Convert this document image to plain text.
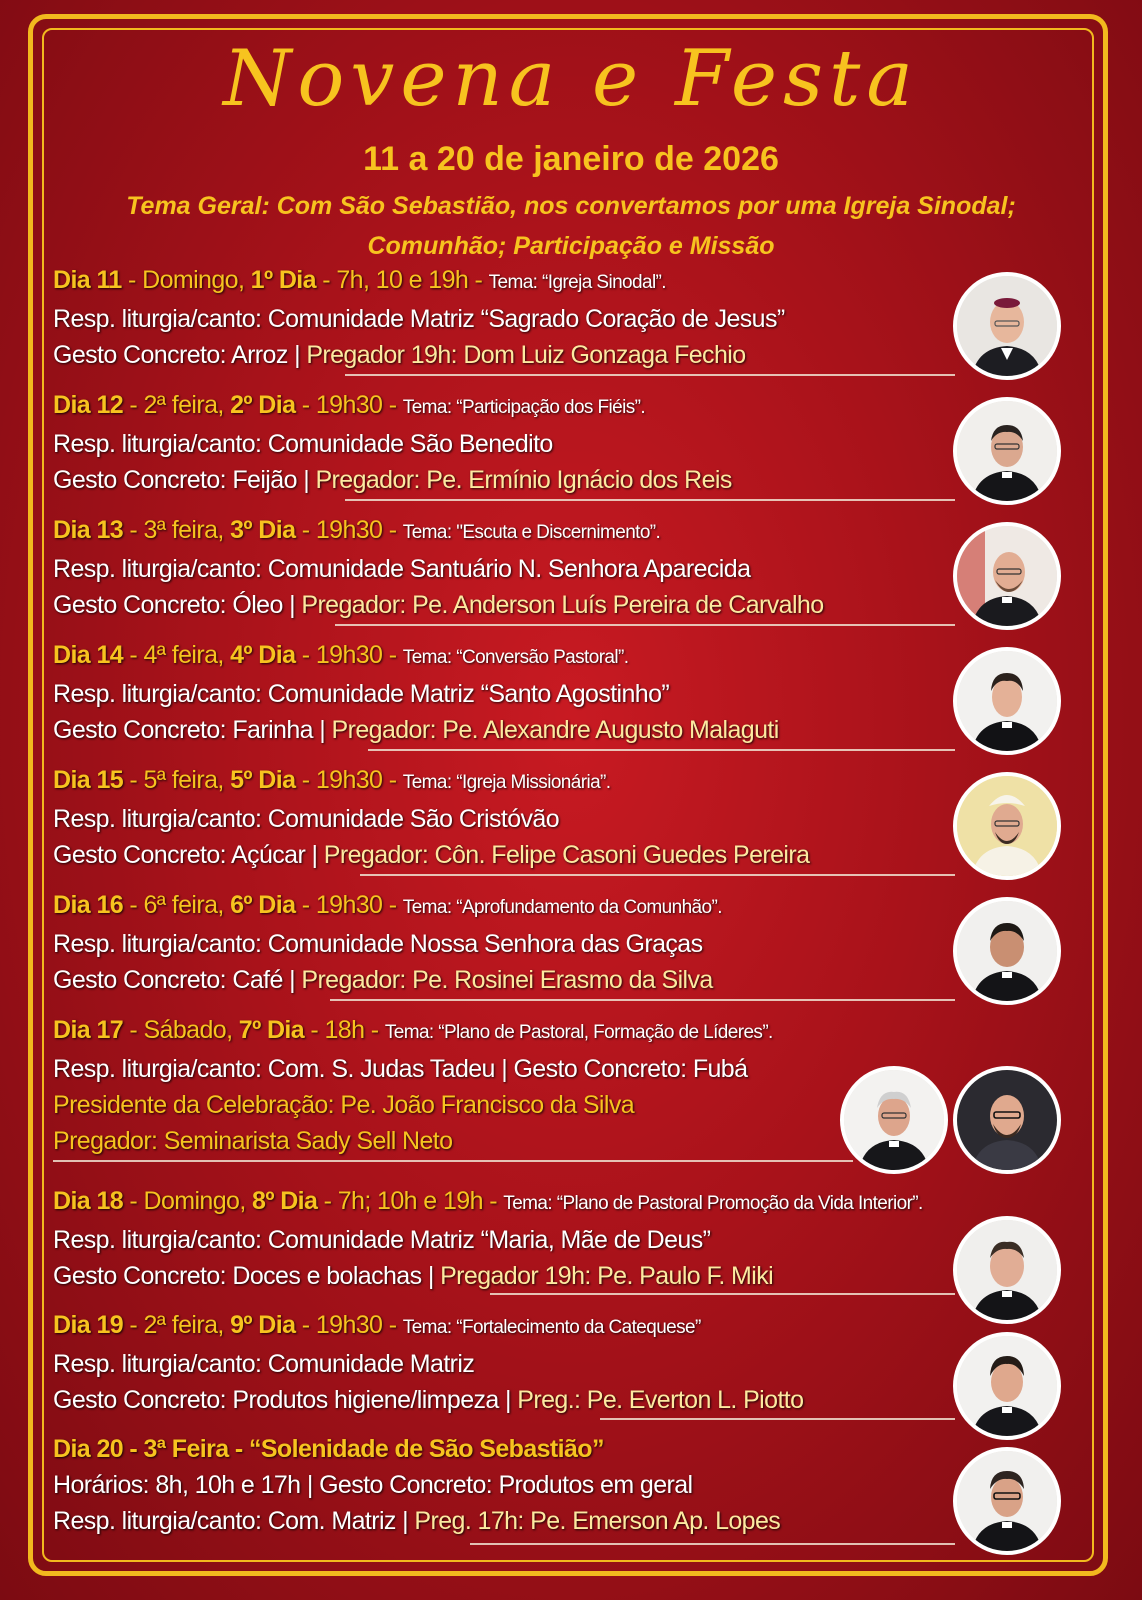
Novena e Festa
11 a 20 de janeiro de 2026
Tema Geral: Com São Sebastião, nos convertamos por uma Igreja Sinodal;
Comunhão; Participação e Missão
Dia 11 - Domingo, 1º Dia - 7h, 10 e 19h - Tema: “Igreja Sinodal”.
Resp. liturgia/canto: Comunidade Matriz “Sagrado Coração de Jesus”
Gesto Concreto: Arroz | Pregador 19h: Dom Luiz Gonzaga Fechio
Dia 12 - 2ª feira, 2º Dia - 19h30 - Tema: “Participação dos Fiéis”.
Resp. liturgia/canto: Comunidade São Benedito
Gesto Concreto: Feijão | Pregador: Pe. Ermínio Ignácio dos Reis
Dia 13 - 3ª feira, 3º Dia - 19h30 - Tema: "Escuta e Discernimento”.
Resp. liturgia/canto: Comunidade Santuário N. Senhora Aparecida
Gesto Concreto: Óleo | Pregador: Pe. Anderson Luís Pereira de Carvalho
Dia 14 - 4ª feira, 4º Dia - 19h30 - Tema: “Conversão Pastoral”.
Resp. liturgia/canto: Comunidade Matriz “Santo Agostinho”
Gesto Concreto: Farinha | Pregador: Pe. Alexandre Augusto Malaguti
Dia 15 - 5ª feira, 5º Dia - 19h30 - Tema: “Igreja Missionária”.
Resp. liturgia/canto: Comunidade São Cristóvão
Gesto Concreto: Açúcar | Pregador: Côn. Felipe Casoni Guedes Pereira
Dia 16 - 6ª feira, 6º Dia - 19h30 - Tema: “Aprofundamento da Comunhão”.
Resp. liturgia/canto: Comunidade Nossa Senhora das Graças
Gesto Concreto: Café | Pregador: Pe. Rosinei Erasmo da Silva
Dia 17 - Sábado, 7º Dia - 18h - Tema: “Plano de Pastoral, Formação de Líderes”.
Resp. liturgia/canto: Com. S. Judas Tadeu | Gesto Concreto: Fubá
Presidente da Celebração: Pe. João Francisco da Silva
Pregador: Seminarista Sady Sell Neto
Dia 18 - Domingo, 8º Dia - 7h; 10h e 19h - Tema: “Plano de Pastoral Promoção da Vida Interior”.
Resp. liturgia/canto: Comunidade Matriz “Maria, Mãe de Deus”
Gesto Concreto: Doces e bolachas | Pregador 19h: Pe. Paulo F. Miki
Dia 19 - 2ª feira, 9º Dia - 19h30 - Tema: “Fortalecimento da Catequese”
Resp. liturgia/canto: Comunidade Matriz
Gesto Concreto: Produtos higiene/limpeza | Preg.: Pe. Everton L. Piotto
Dia 20 - 3ª Feira - “Solenidade de São Sebastião”
Horários: 8h, 10h e 17h | Gesto Concreto: Produtos em geral
Resp. liturgia/canto: Com. Matriz | Preg. 17h: Pe. Emerson Ap. Lopes
